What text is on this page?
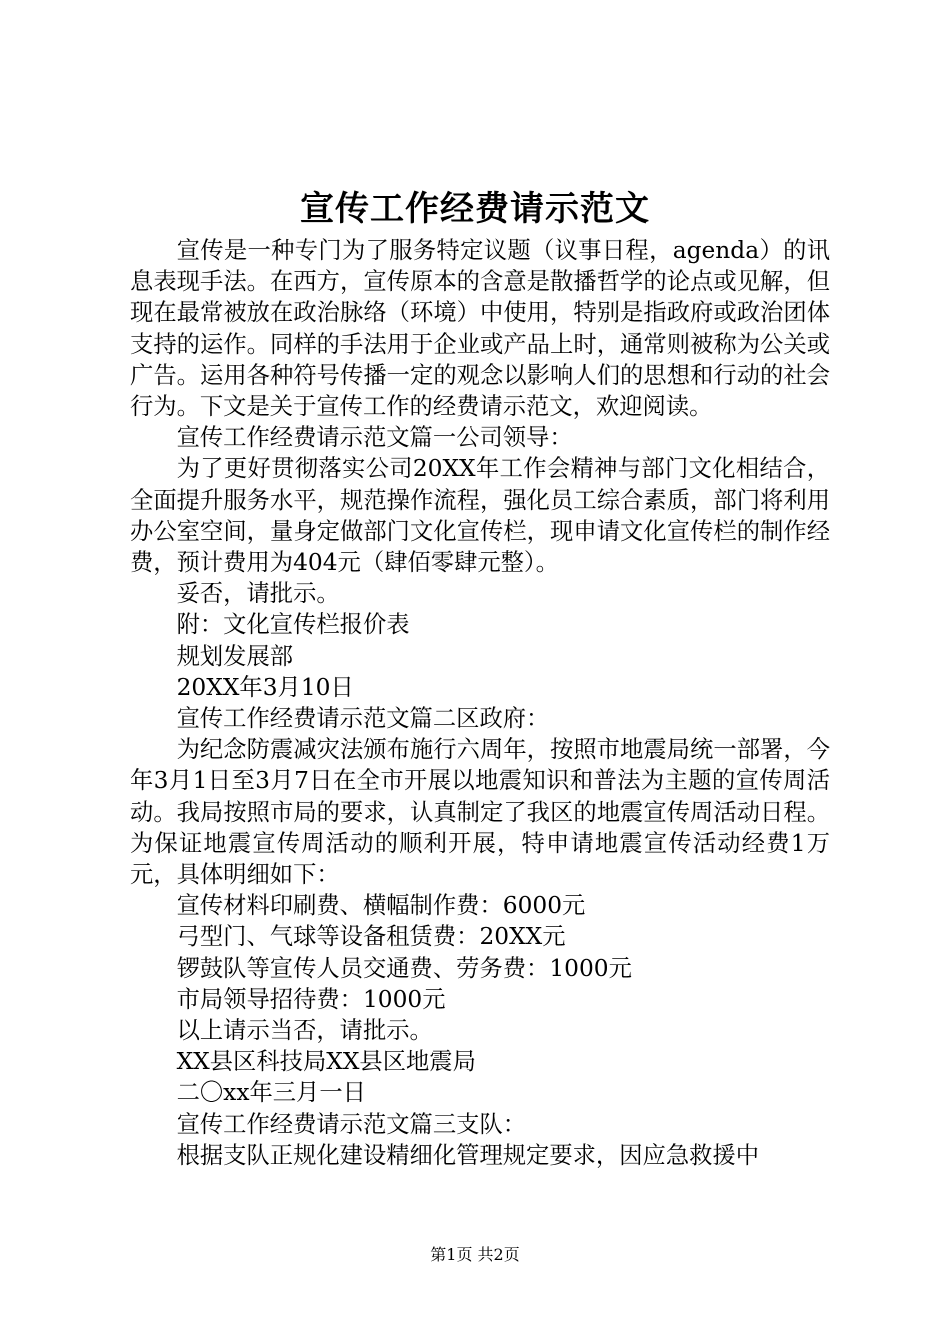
宣传工作经费请示范文

宣传是一种专门为了服务特定议题（议事日程，agenda）的讯息表现手法。在西方，宣传原本的含意是散播哲学的论点或见解，但现在最常被放在政治脉络（环境）中使用，特别是指政府或政治团体支持的运作。同样的手法用于企业或产品上时，通常则被称为公关或广告。运用各种符号传播一定的观念以影响人们的思想和行动的社会行为。下文是关于宣传工作的经费请示范文，欢迎阅读。

宣传工作经费请示范文篇一公司领导：

为了更好贯彻落实公司20XX年工作会精神与部门文化相结合，全面提升服务水平，规范操作流程，强化员工综合素质，部门将利用办公室空间，量身定做部门文化宣传栏，现申请文化宣传栏的制作经费，预计费用为404元（肆佰零肆元整）。

妥否，请批示。

附：文化宣传栏报价表

规划发展部

20XX年3月10日

宣传工作经费请示范文篇二区政府：

为纪念防震减灾法颁布施行六周年，按照市地震局统一部署，今年3月1日至3月7日在全市开展以地震知识和普法为主题的宣传周活动。我局按照市局的要求，认真制定了我区的地震宣传周活动日程。为保证地震宣传周活动的顺利开展，特申请地震宣传活动经费1万元，具体明细如下：

宣传材料印刷费、横幅制作费：6000元

弓型门、气球等设备租赁费：20XX元

锣鼓队等宣传人员交通费、劳务费：1000元

市局领导招待费：1000元

以上请示当否，请批示。

XX县区科技局XX县区地震局

二〇xx年三月一日

宣传工作经费请示范文篇三支队：

根据支队正规化建设精细化管理规定要求，因应急救援中

第1页 共2页
